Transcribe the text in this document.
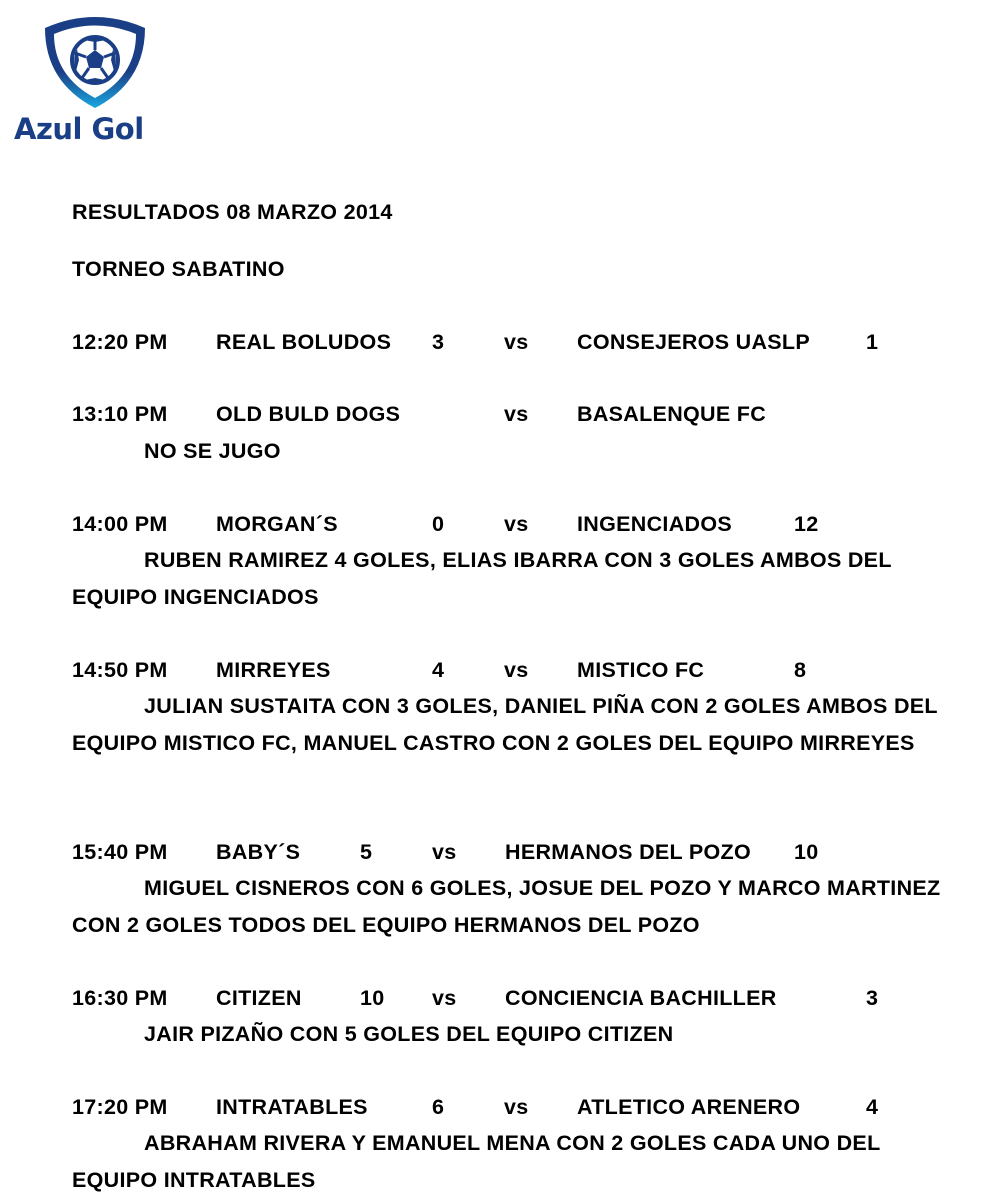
Azul Gol
RESULTADOS 08 MARZO 2014
TORNEO SABATINO
12:20 PM REAL BOLUDOS 3	vs CONSEJEROS UASLP	1
13:10 PM OLD BULD DOGS	vs BASALENQUE FC
NO SE JUGO
14:00 PM MORGAN´S	0	vs INGENCIADOS	12
RUBEN RAMIREZ 4 GOLES, ELIAS IBARRA CON 3 GOLES AMBOS DEL EQUIPO INGENCIADOS
14:50 PM MIRREYES	4	vs MISTICO FC	8
JULIAN SUSTAITA CON 3 GOLES, DANIEL PIÑA CON 2 GOLES AMBOS DEL EQUIPO MISTICO FC, MANUEL CASTRO CON 2 GOLES DEL EQUIPO MIRREYES
15:40 PM BABY´S	5	vs HERMANOS DEL POZO 10
MIGUEL CISNEROS CON 6 GOLES, JOSUE DEL POZO Y MARCO MARTINEZ CON 2 GOLES TODOS DEL EQUIPO HERMANOS DEL POZO
16:30 PM CITIZEN	10 vs CONCIENCIA BACHILLER	3
JAIR PIZAÑO CON 5 GOLES DEL EQUIPO CITIZEN
17:20 PM INTRATABLES	6	vs ATLETICO ARENERO	4
ABRAHAM RIVERA Y EMANUEL MENA CON 2 GOLES CADA UNO DEL EQUIPO INTRATABLES
